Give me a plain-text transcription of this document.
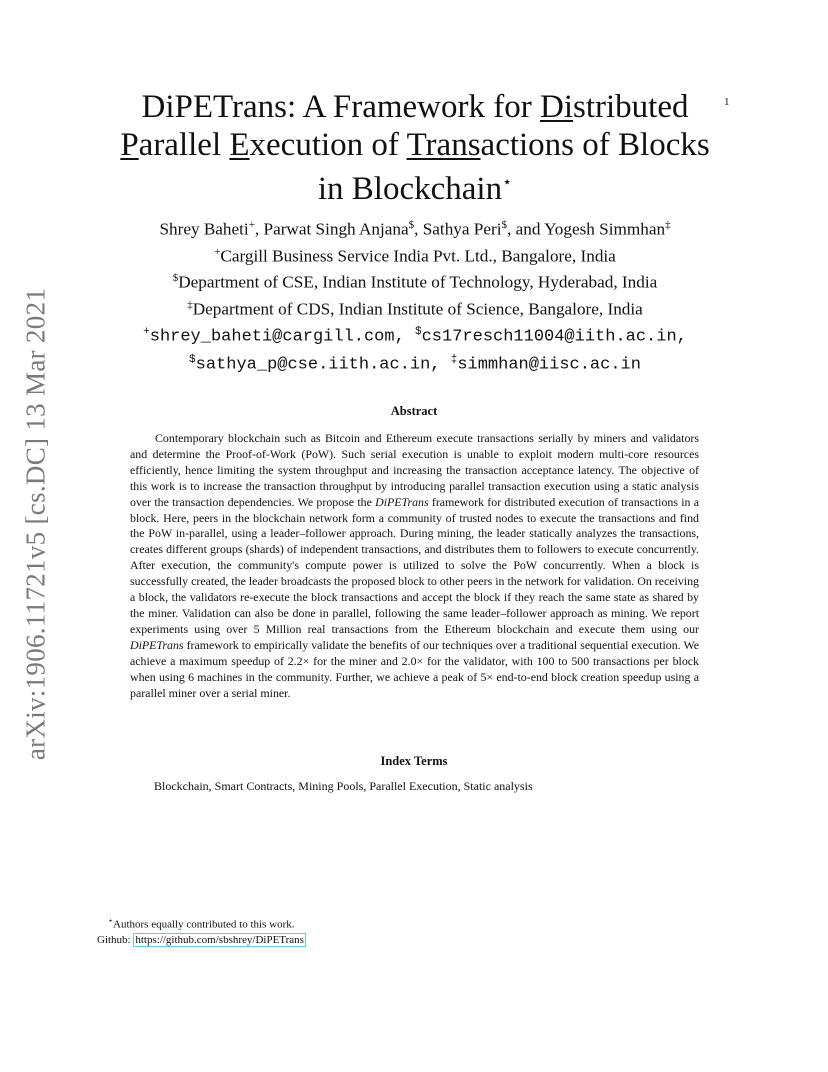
1
arXiv:1906.11721v5 [cs.DC] 13 Mar 2021
DiPETrans: A Framework for Distributed
Parallel Execution of Transactions of Blocks
in Blockchain⋆
Shrey Baheti+, Parwat Singh Anjana$, Sathya Peri$, and Yogesh Simmhan‡
+Cargill Business Service India Pvt. Ltd., Bangalore, India
$Department of CSE, Indian Institute of Technology, Hyderabad, India
‡Department of CDS, Indian Institute of Science, Bangalore, India
+shrey_baheti@cargill.com, $cs17resch11004@iith.ac.in,
$sathya_p@cse.iith.ac.in, ‡simmhan@iisc.ac.in
Abstract

Contemporary blockchain such as Bitcoin and Ethereum execute transactions serially by miners and validators and determine the Proof-of-Work (PoW). Such serial execution is unable to exploit modern multi-core resources efficiently, hence limiting the system throughput and increasing the transaction acceptance latency. The objective of this work is to increase the transaction throughput by introducing parallel transaction execution using a static analysis over the transaction dependencies. We propose the DiPETrans framework for distributed execution of transactions in a block. Here, peers in the blockchain network form a community of trusted nodes to execute the transactions and find the PoW in-parallel, using a leader–follower approach. During mining, the leader statically analyzes the transactions, creates different groups (shards) of independent transactions, and distributes them to followers to execute concurrently. After execution, the community's compute power is utilized to solve the PoW concurrently. When a block is successfully created, the leader broadcasts the proposed block to other peers in the network for validation. On receiving a block, the validators re-execute the block transactions and accept the block if they reach the same state as shared by the miner. Validation can also be done in parallel, following the same leader–follower approach as mining. We report experiments using over 5 Million real transactions from the Ethereum blockchain and execute them using our DiPETrans framework to empirically validate the benefits of our techniques over a traditional sequential execution. We achieve a maximum speedup of 2.2× for the miner and 2.0× for the validator, with 100 to 500 transactions per block when using 6 machines in the community. Further, we achieve a peak of 5× end-to-end block creation speedup using a parallel miner over a serial miner.

Index Terms
Blockchain, Smart Contracts, Mining Pools, Parallel Execution, Static analysis
⋆Authors equally contributed to this work.
Github: https://github.com/sbshrey/DiPETrans
